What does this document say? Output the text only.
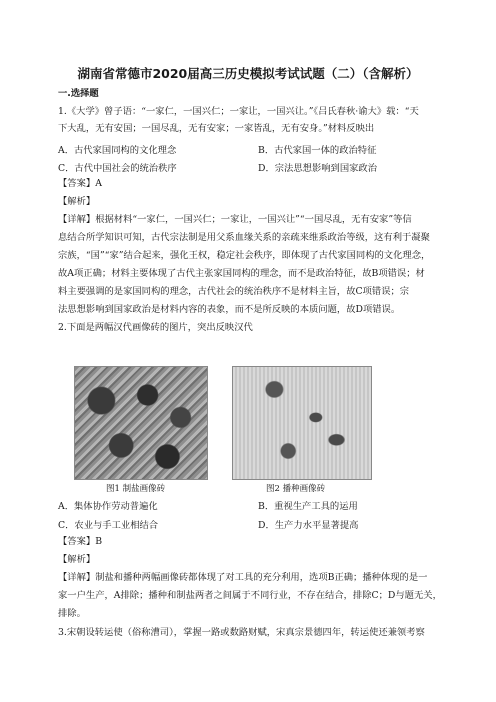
湖南省常德市2020届高三历史模拟考试试题（二）（含解析）
一.选择题
1.《大学》曾子语：“一家仁，一国兴仁；一家让，一国兴让。”《吕氏春秋·谕大》载：“天
下大乱，无有安国；一国尽乱，无有安家；一家皆乱，无有安身。”材料反映出
A．古代家国同构的文化理念	B．古代家国一体的政治特征
C．古代中国社会的统治秩序	D．宗法思想影响到国家政治
【答案】A
【解析】
【详解】根据材料“一家仁，一国兴仁；一家让，一国兴让”“一国尽乱，无有安家”等信
息结合所学知识可知，古代宗法制是用父系血缘关系的亲疏来维系政治等级，这有利于凝聚
宗族，“国”“家”结合起来，强化王权，稳定社会秩序，即体现了古代家国同构的文化理念，
故A项正确；材料主要体现了古代主张家国同构的理念，而不是政治特征，故B项错误；材
料主要强调的是家国同构的理念，古代社会的统治秩序不是材料主旨，故C项错误；宗
法思想影响到国家政治是材料内容的表象，而不是所反映的本质问题，故D项错误。
2.下面是两幅汉代画像砖的图片，突出反映汉代
图1 制盐画像砖	图2 播种画像砖
A．集体协作劳动普遍化	B．重视生产工具的运用
C．农业与手工业相结合	D．生产力水平显著提高
【答案】B
【解析】
【详解】制盐和播种两幅画像砖都体现了对工具的充分利用，选项B正确；播种体现的是一
家一户生产，A排除；播种和制盐两者之间属于不同行业，不存在结合，排除C；D与题无关，
排除。
3.宋朝设转运使（俗称漕司），掌握一路或数路财赋，宋真宗景德四年，转运使还兼领考察
